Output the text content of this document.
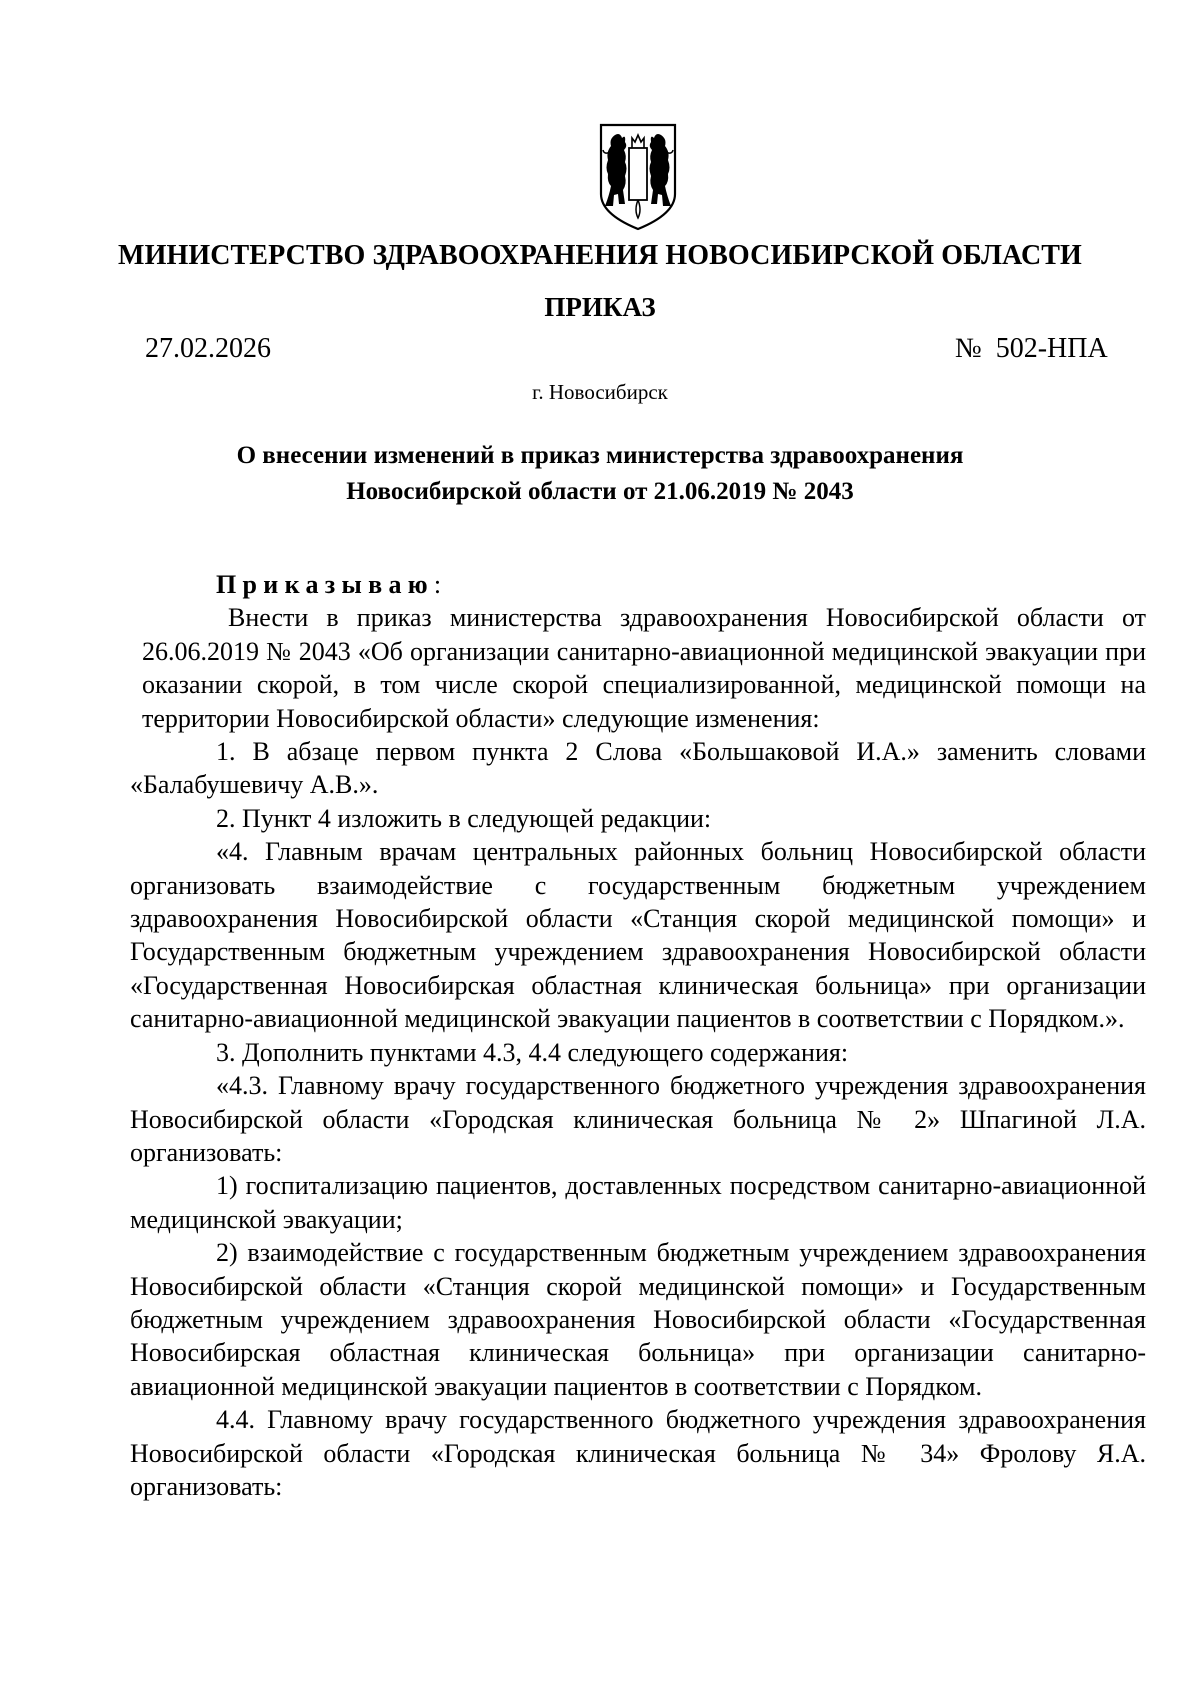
МИНИСТЕРСТВО ЗДРАВООХРАНЕНИЯ НОВОСИБИРСКОЙ ОБЛАСТИ
ПРИКАЗ
27.02.2026	№  502-НПА
г. Новосибирск
О внесении изменений в приказ министерства здравоохранения
Новосибирской области от 21.06.2019 № 2043

Приказываю:

Внести в приказ министерства здравоохранения Новосибирской области от 26.06.2019 № 2043 «Об организации санитарно-авиационной медицинской эвакуации при оказании скорой, в том числе скорой специализированной, медицинской помощи на территории Новосибирской области» следующие изменения:

1. В абзаце первом пункта 2 Слова «Большаковой И.А.» заменить словами «Балабушевичу А.В.».

2. Пункт 4 изложить в следующей редакции:

«4. Главным врачам центральных районных больниц Новосибирской области организовать взаимодействие с государственным бюджетным учреждением здравоохранения Новосибирской области «Станция скорой медицинской помощи» и Государственным бюджетным учреждением здравоохранения Новосибирской области «Государственная Новосибирская областная клиническая больница» при организации санитарно-авиационной медицинской эвакуации пациентов в соответствии с Порядком.».

3. Дополнить пунктами 4.3, 4.4 следующего содержания:

«4.3. Главному врачу государственного бюджетного учреждения здравоохранения Новосибирской области «Городская клиническая больница № 2» Шпагиной Л.А. организовать:

1) госпитализацию пациентов, доставленных посредством санитарно-авиационной медицинской эвакуации;

2) взаимодействие с государственным бюджетным учреждением здравоохранения Новосибирской области «Станция скорой медицинской помощи» и Государственным бюджетным учреждением здравоохранения Новосибирской области «Государственная Новосибирская областная клиническая больница» при организации санитарно-авиационной медицинской эвакуации пациентов в соответствии с Порядком.

4.4. Главному врачу государственного бюджетного учреждения здравоохранения Новосибирской области «Городская клиническая больница № 34» Фролову Я.А. организовать:
